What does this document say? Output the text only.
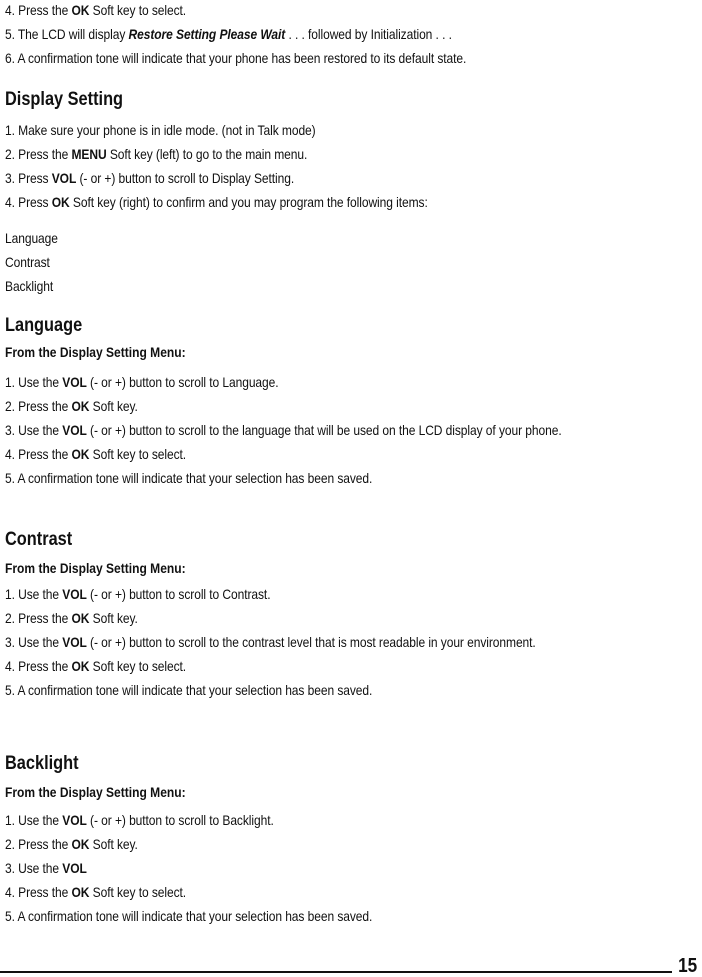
4. Press the OK Soft key to select.
5. The LCD will display Restore Setting Please Wait . . . followed by Initialization . . .
6. A confirmation tone will indicate that your phone has been restored to its default state.
Display Setting
1. Make sure your phone is in idle mode. (not in Talk mode)
2. Press the MENU Soft key (left) to go to the main menu.
3. Press VOL (- or +) button to scroll to Display Setting.
4. Press OK Soft key (right) to confirm and you may program the following items:
Language
Contrast
Backlight
Language
From the Display Setting Menu:
1. Use the VOL (- or +) button to scroll to Language.
2. Press the OK Soft key.
3. Use the VOL (- or +) button to scroll to the language that will be used on the LCD display of your phone.
4. Press the OK Soft key to select.
5. A confirmation tone will indicate that your selection has been saved.
Contrast
From the Display Setting Menu:
1. Use the VOL (- or +) button to scroll to Contrast.
2. Press the OK Soft key.
3. Use the VOL (- or +) button to scroll to the contrast level that is most readable in your environment.
4. Press the OK Soft key to select.
5. A confirmation tone will indicate that your selection has been saved.
Backlight
From the Display Setting Menu:
1. Use the VOL (- or +) button to scroll to Backlight.
2. Press the OK Soft key.
3. Use the VOL
4. Press the OK Soft key to select.
5. A confirmation tone will indicate that your selection has been saved.
15
